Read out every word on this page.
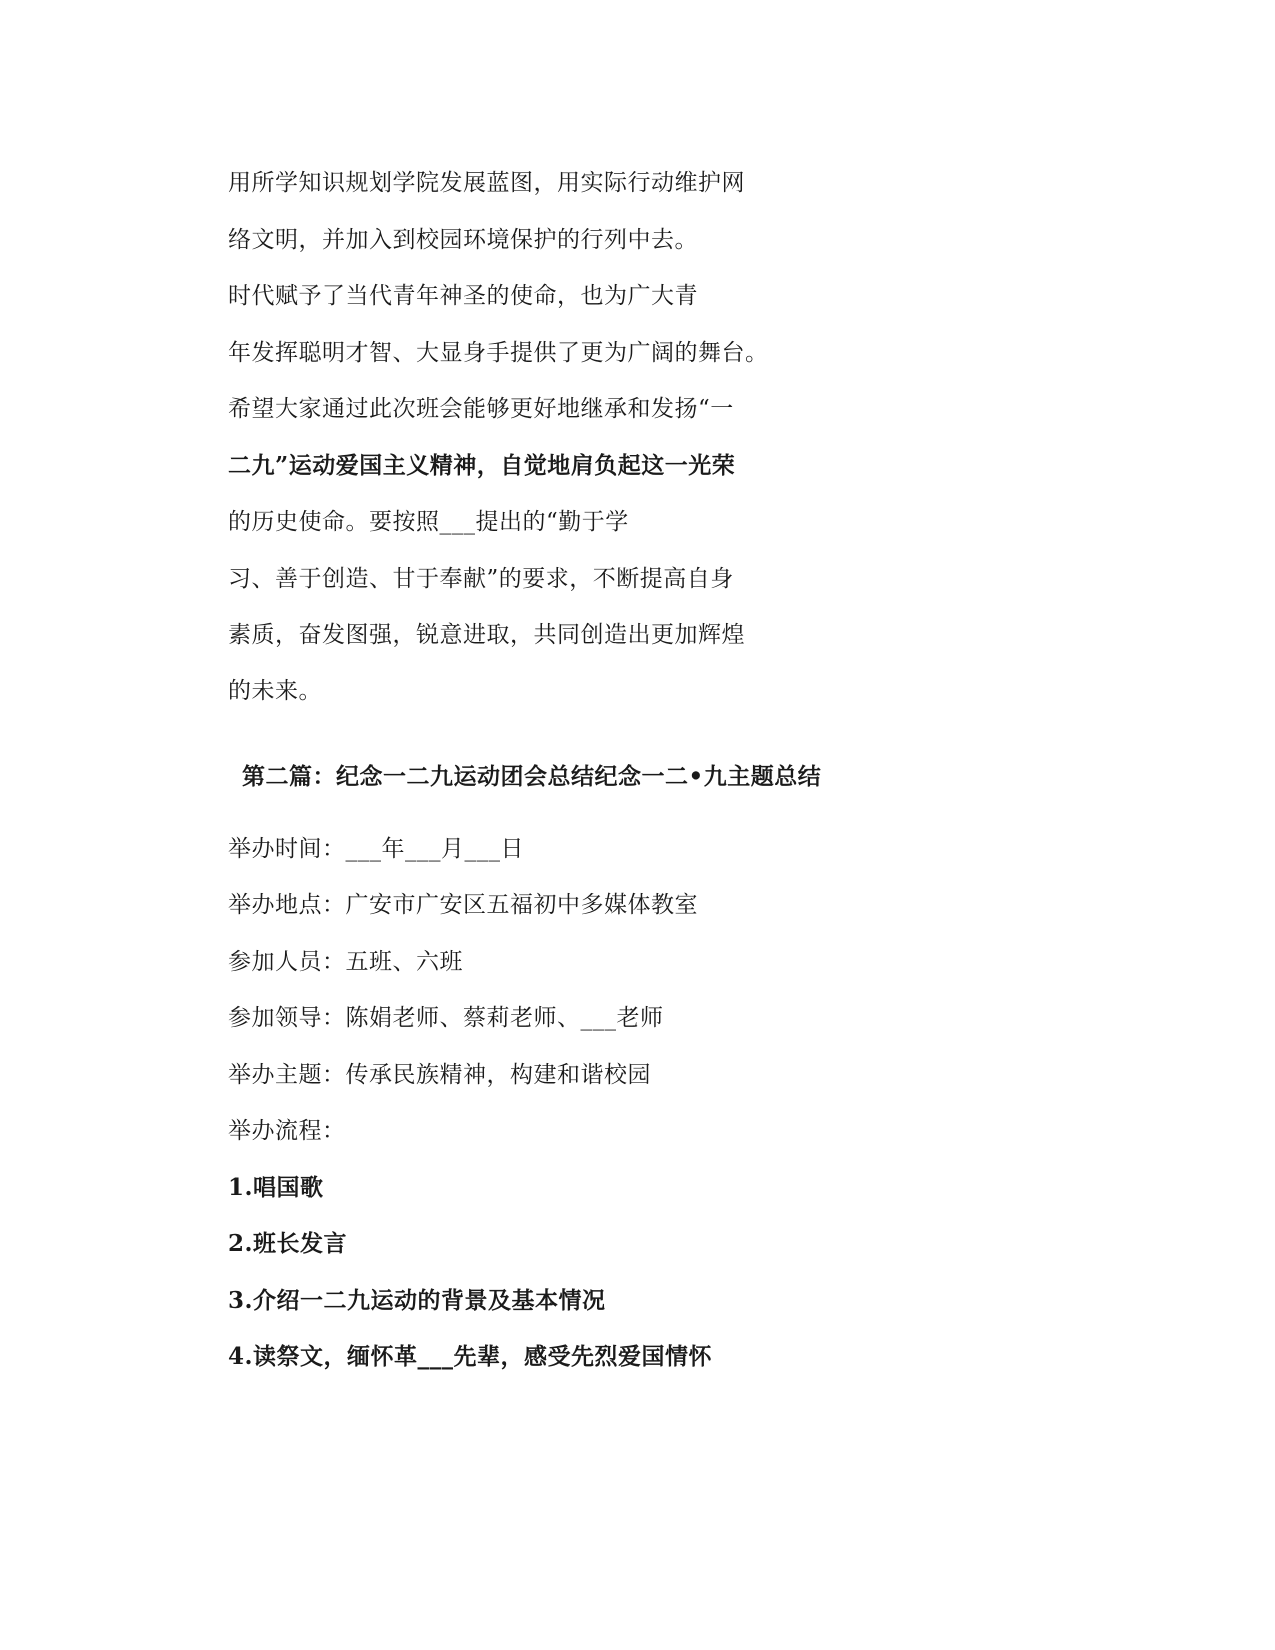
用所学知识规划学院发展蓝图，用实际行动维护网
络文明，并加入到校园环境保护的行列中去。
时代赋予了当代青年神圣的使命，也为广大青
年发挥聪明才智、大显身手提供了更为广阔的舞台。
希望大家通过此次班会能够更好地继承和发扬“一
二九”运动爱国主义精神，自觉地肩负起这一光荣
的历史使命。要按照___提出的“勤于学
习、善于创造、甘于奉献”的要求，不断提高自身
素质，奋发图强，锐意进取，共同创造出更加辉煌
的未来。
第二篇：纪念一二九运动团会总结纪念一二•九主题总结
举办时间：___年___月___日
举办地点：广安市广安区五福初中多媒体教室
参加人员：五班、六班
参加领导：陈娟老师、蔡莉老师、___老师
举办主题：传承民族精神，构建和谐校园
举办流程：
1.唱国歌
2.班长发言
3.介绍一二九运动的背景及基本情况
4.读祭文，缅怀革___先辈，感受先烈爱国情怀
